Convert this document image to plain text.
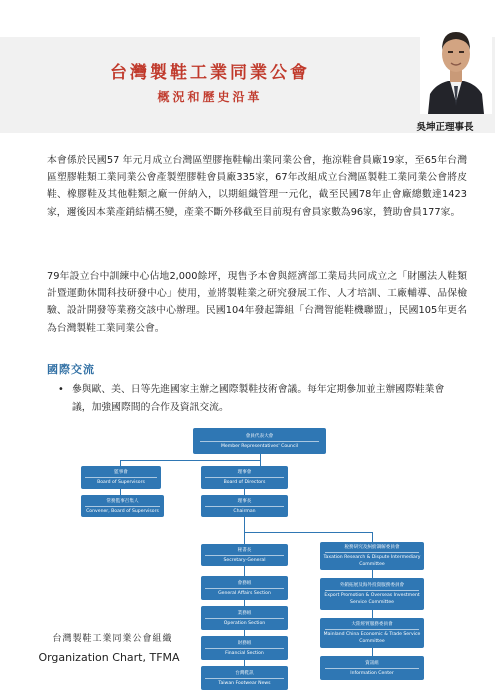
台灣製鞋工業同業公會
概況和歷史沿革
吳坤正理事長

本會係於民國57 年元月成立台灣區塑膠拖鞋輸出業同業公會，拖涼鞋會員廠19家，至65年台灣區塑膠鞋類工業同業公會產製塑膠鞋會員廠335家，67年改組成立台灣區製鞋工業同業公會將皮鞋、橡膠鞋及其他鞋類之廠一併納入，以期組織管理一元化，截至民國78年止會廠總數達1423家，邇後因本業產銷結構丕變，產業不斷外移截至目前現有會員家數為96家，贊助會員177家。

79年設立台中訓練中心佔地2,000餘坪，現售予本會與經濟部工業局共同成立之「財團法人鞋類計暨運動休閒科技研發中心」使用，並將製鞋業之研究發展工作、人才培訓、工廠輔導、品保檢驗、設計開發等業務交該中心辦理。民國104年發起籌組「台灣智能鞋機聯盟」，民國105年更名為台灣製鞋工業同業公會。

國際交流
• 參與歐、美、日等先進國家主辦之國際製鞋技術會議。每年定期參加並主辦國際鞋業會議，加強國際間的合作及資訊交流。
會員代表大會
Member Representatives' Council
監事會
Board of Supervisors
常務監事召集人
Convener, Board of Supervisors
理事會
Board of Directors
理事長
Chairman
秘書長
Secretary-General
會務組
General Affairs Section
業務組
Operation Section
財務組
Financial Section
台灣鞋訊
Taiwan Footwear News
稅務研究及糾紛調解委員會
Taxation Research & Dispute Intermediary Committee
外銷拓展及海外投資服務委員會
Export Promotion & Overseas Investment Service Committee
大陸經貿服務委員會
Mainland China Economic & Trade Service Committee
資訊組
Information Center
台灣製鞋工業同業公會組織
Organization Chart, TFMA
